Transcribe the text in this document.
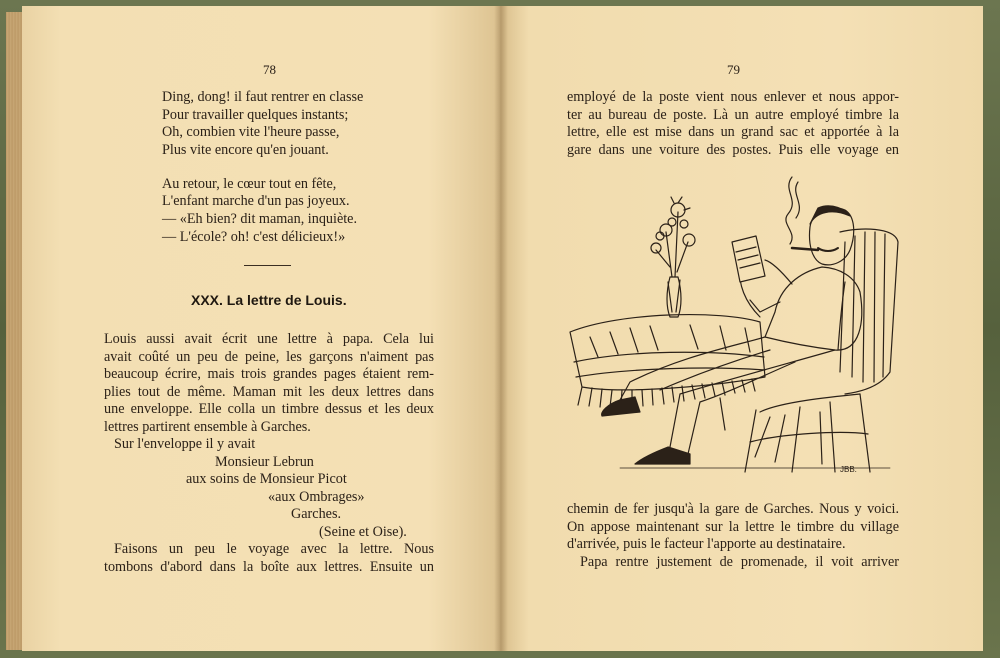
78
Ding, dong! il faut rentrer en classe
Pour travailler quelques instants;
Oh, combien vite l'heure passe,
Plus vite encore qu'en jouant.
Au retour, le cœur tout en fête,
L'enfant marche d'un pas joyeux.
— «Eh bien? dit maman, inquiète.
— L'école? oh! c'est délicieux!»
XXX. La lettre de Louis.
Louis aussi avait écrit une lettre à papa. Cela lui
avait coûté un peu de peine, les garçons n'aiment pas
beaucoup écrire, mais trois grandes pages étaient rem-
plies tout de même. Maman mit les deux lettres dans
une enveloppe. Elle colla un timbre dessus et les deux
lettres partirent ensemble à Garches.
Sur l'enveloppe il y avait
Monsieur Lebrun
aux soins de Monsieur Picot
«aux Ombrages»
Garches.
(Seine et Oise).
Faisons un peu le voyage avec la lettre. Nous
tombons d'abord dans la boîte aux lettres. Ensuite un
79
employé de la poste vient nous enlever et nous appor-
ter au bureau de poste. Là un autre employé timbre la
lettre, elle est mise dans un grand sac et apportée à la
gare dans une voiture des postes. Puis elle voyage en
JBB.
chemin de fer jusqu'à la gare de Garches. Nous y voici.
On appose maintenant sur la lettre le timbre du village
d'arrivée, puis le facteur l'apporte au destinataire.
Papa rentre justement de promenade, il voit arriver
